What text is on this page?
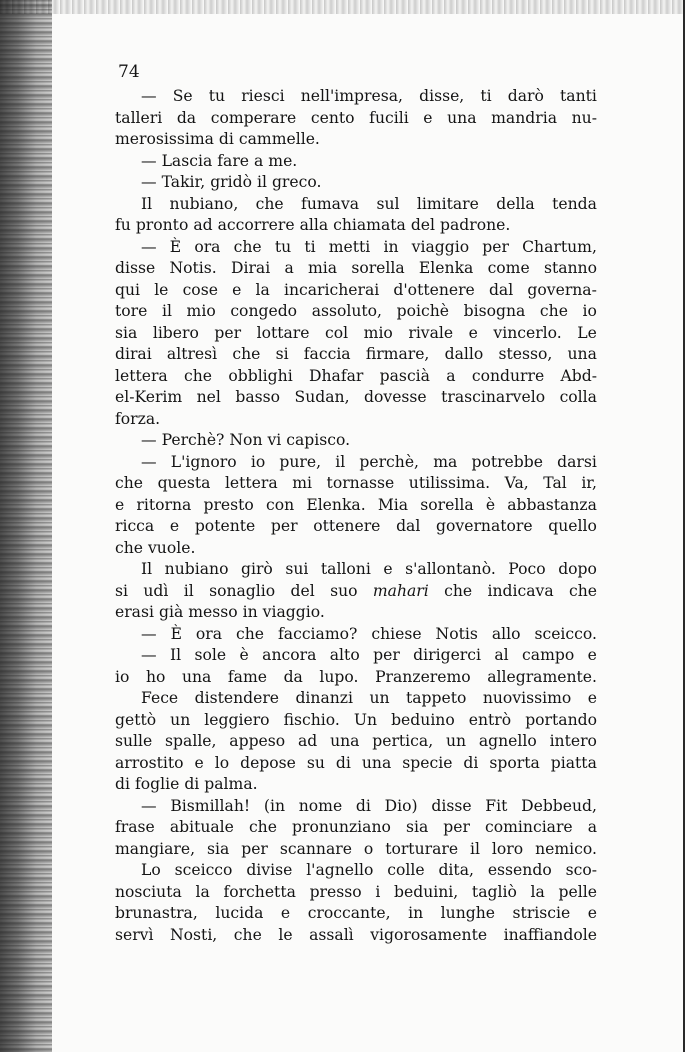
74
— Se tu riesci nell'impresa, disse, ti darò tanti
talleri da comperare cento fucili e una mandria nu-
merosissima di cammelle.
— Lascia fare a me.
— Takir, gridò il greco.
Il nubiano, che fumava sul limitare della tenda
fu pronto ad accorrere alla chiamata del padrone.
— È ora che tu ti metti in viaggio per Chartum,
disse Notis. Dirai a mia sorella Elenka come stanno
qui le cose e la incaricherai d'ottenere dal governa-
tore il mio congedo assoluto, poichè bisogna che io
sia libero per lottare col mio rivale e vincerlo. Le
dirai altresì che si faccia firmare, dallo stesso, una
lettera che obblighi Dhafar pascià a condurre Abd-
el-Kerim nel basso Sudan, dovesse trascinarvelo colla
forza.
— Perchè? Non vi capisco.
— L'ignoro io pure, il perchè, ma potrebbe darsi
che questa lettera mi tornasse utilissima. Va, Tal ir,
e ritorna presto con Elenka. Mia sorella è abbastanza
ricca e potente per ottenere dal governatore quello
che vuole.
Il nubiano girò sui talloni e s'allontanò. Poco dopo
si udì il sonaglio del suo mahari che indicava che
erasi già messo in viaggio.
— È ora che facciamo? chiese Notis allo sceicco.
— Il sole è ancora alto per dirigerci al campo e
io ho una fame da lupo. Pranzeremo allegramente.
Fece distendere dinanzi un tappeto nuovissimo e
gettò un leggiero fischio. Un beduino entrò portando
sulle spalle, appeso ad una pertica, un agnello intero
arrostito e lo depose su di una specie di sporta piatta
di foglie di palma.
— Bismillah! (in nome di Dio) disse Fit Debbeud,
frase abituale che pronunziano sia per cominciare a
mangiare, sia per scannare o torturare il loro nemico.
Lo sceicco divise l'agnello colle dita, essendo sco-
nosciuta la forchetta presso i beduini, tagliò la pelle
brunastra, lucida e croccante, in lunghe striscie e
servì Nosti, che le assalì vigorosamente inaffiandole
